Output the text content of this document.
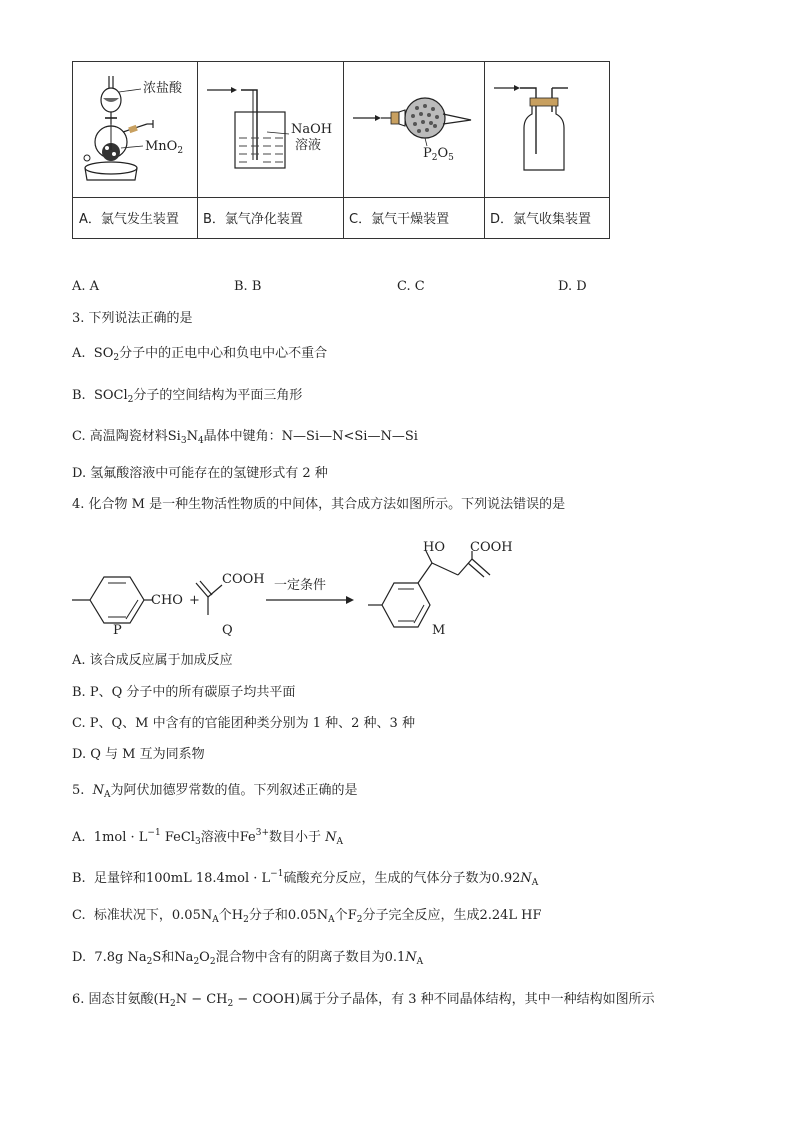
浓盐酸
MnO$_2$
NaOH
溶液
$P_2O_5$
A．氯气发生装置 B．氯气净化装置	C．氯气干燥装置	D．氯气收集装置
A. A	B. B	C. C	D. D
3. 下列说法正确的是
A. $SO_2$分子中的正电中心和负电中心不重合
B. SOCl$_2$分子的空间结构为平面三角形
C. 高温陶瓷材料$Si_3N_4$晶体中键角：N—Si—N<Si—N—Si
D. 氢氟酸溶液中可能存在的氢键形式有 2 种
4. 化合物 M 是一种生物活性物质的中间体，其合成方法如图所示。下列说法错误的是
CHO +
COOH 一定条件
HO COOH
P	Q	M
A. 该合成反应属于加成反应
B. P、Q 分子中的所有碳原子均共平面
C. P、Q、M 中含有的官能团种类分别为 1 种、2 种、3 种
D. Q 与 M 互为同系物
5. $N_A$为阿伏加德罗常数的值。下列叙述正确的是
A. $1mol \cdot L^{-1}$ FeCl$_3$溶液中$Fe^{3+}$数目小于 $N_A$
B. 足量锌和100mL $18.4mol \cdot L^{-1}$硫酸充分反应，生成的气体分子数为$0.92N_A$
C. 标准状况下，$0.05N_A$个$H_2$分子和$0.05N_A$个$F_2$分子完全反应，生成2.24L HF
D. 7.8g $Na_2S$和$Na_2O_2$混合物中含有的阴离子数目为$0.1N_A$
6. 固态甘氨酸($H_2N - CH_2$ − COOH)属于分子晶体，有 3 种不同晶体结构，其中一种结构如图所示
